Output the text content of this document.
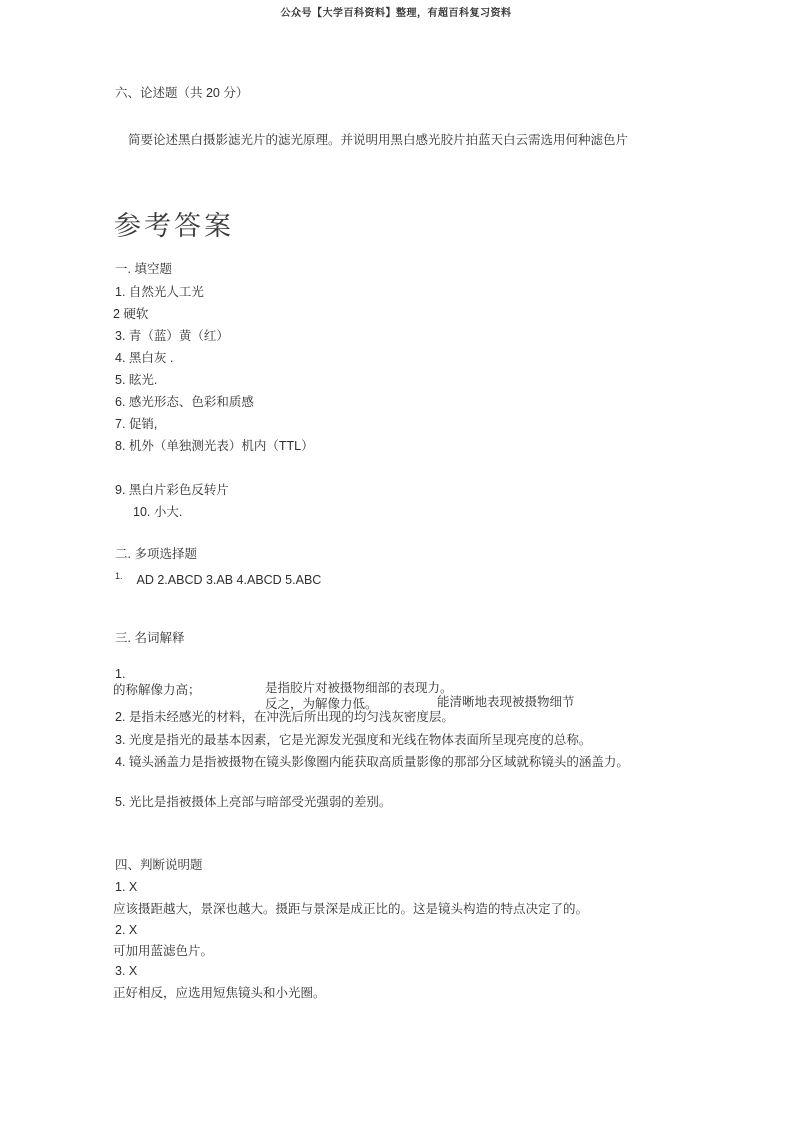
公众号【大学百科资料】整理，有超百科复习资料
六、论述题（共 20 分）
简要论述黑白摄影滤光片的滤光原理。并说明用黑白感光胶片拍蓝天白云需选用何种滤色片
参考答案
一. 填空题
1. 自然光人工光
2 硬软
3. 青（蓝）黄（红）
4. 黑白灰 .
5. 眩光.
6. 感光形态、色彩和质感
7. 促销,
8. 机外（单独测光表）机内（TTL）
9. 黑白片彩色反转片
10. 小大.
二. 多项选择题
$^{1.}$ AD 2.ABCD 3.AB 4.ABCD 5.ABC
三. 名词解释

1.

是指胶片对被摄物细部的表现力。

能清晰地表现被摄物细节

的称解像力高；

反之，为解像力低。

2. 是指未经感光的材料，在冲洗后所出现的均匀浅灰密度层。
3. 光度是指光的最基本因素，它是光源发光强度和光线在物体表面所呈现亮度的总称。
4. 镜头涵盖力是指被摄物在镜头影像圈内能获取高质量影像的那部分区域就称镜头的涵盖力。
5. 光比是指被摄体上亮部与暗部受光强弱的差别。
四、判断说明题
1. X
应该摄距越大，景深也越大。摄距与景深是成正比的。这是镜头构造的特点决定了的。
2. X
可加用蓝滤色片。
3. X
正好相反，应选用短焦镜头和小光圈。
